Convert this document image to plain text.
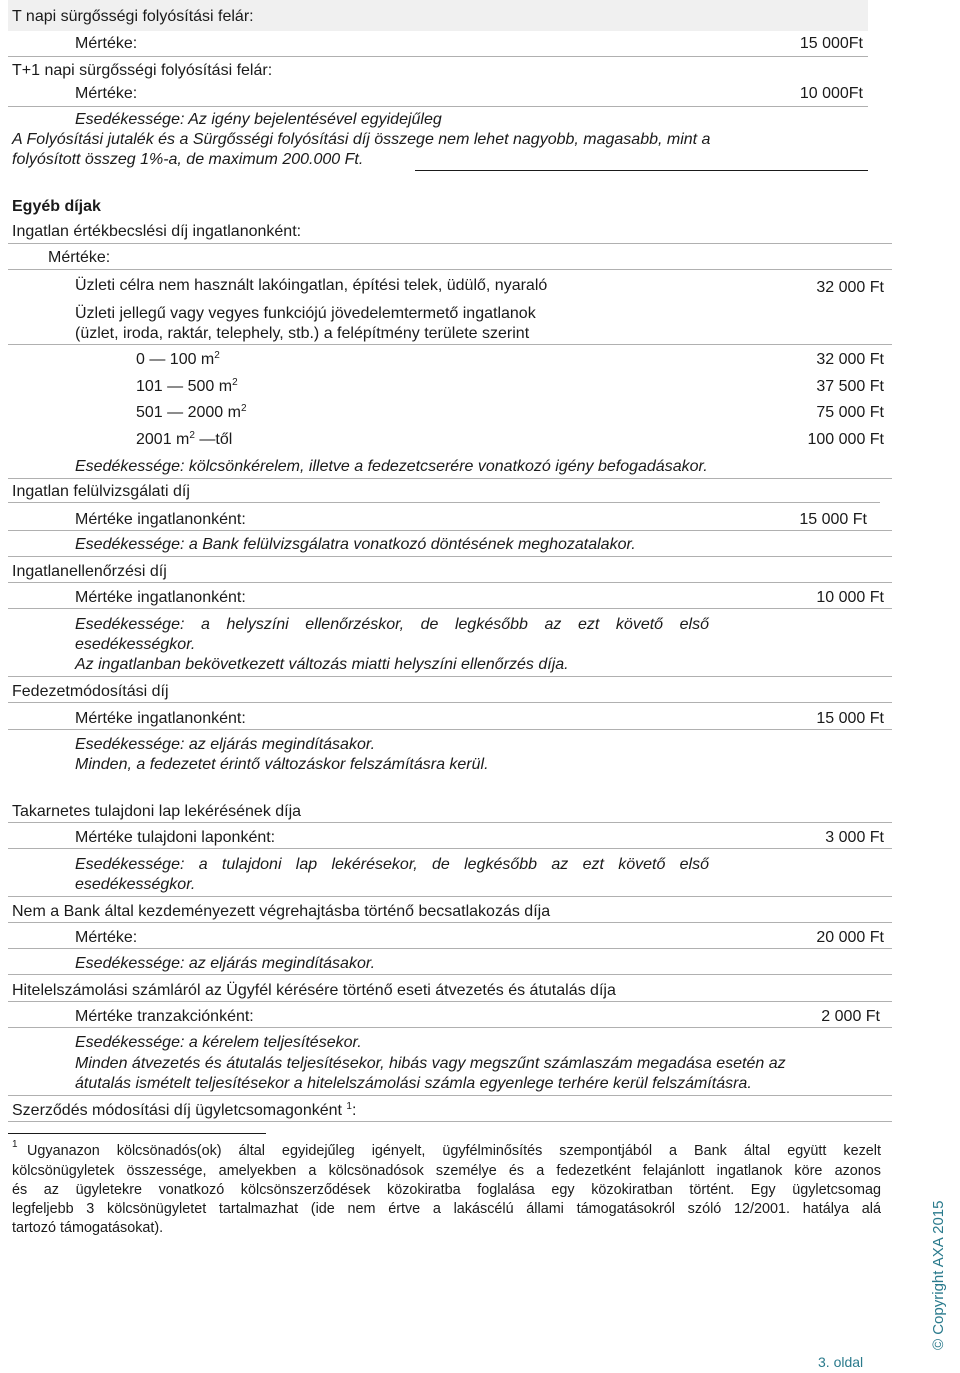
T napi sürgősségi folyósítási felár:
Mértéke:	15 000Ft
T+1 napi sürgősségi folyósítási felár:
Mértéke:	10 000Ft
Esedékessége: Az igény bejelentésével egyidejűleg
A Folyósítási jutalék és a Sürgősségi folyósítási díj összege nem lehet nagyobb, magasabb, mint a
folyósított összeg 1%-a, de maximum 200.000 Ft.
Egyéb díjak
Ingatlan értékbecslési díj ingatlanonként:
Mértéke:
Üzleti célra nem használt lakóingatlan, építési telek, üdülő, nyaraló	32 000 Ft
Üzleti jellegű vagy vegyes funkciójú jövedelemtermető ingatlanok
(üzlet, iroda, raktár, telephely, stb.) a felépítmény területe szerint
0 — 100 $m^2$	32 000 Ft
101 — 500 $m^2$	37 500 Ft
501 — 2000 $m^2$	75 000 Ft
2001 $m^2$ —től	100 000 Ft
Esedékessége: kölcsönkérelem, illetve a fedezetcserére vonatkozó igény befogadásakor.
Ingatlan felülvizsgálati díj
Mértéke ingatlanonként:	15 000 Ft
Esedékessége: a Bank felülvizsgálatra vonatkozó döntésének meghozatalakor.
Ingatlanellenőrzési díj
Mértéke ingatlanonként:	10 000 Ft
Esedékessége: a helyszíni ellenőrzéskor, de legkésőbb az ezt követő első
esedékességkor.
Az ingatlanban bekövetkezett változás miatti helyszíni ellenőrzés díja.
Fedezetmódosítási díj
Mértéke ingatlanonként:	15 000 Ft
Esedékessége: az eljárás megindításakor.
Minden, a fedezetet érintő változáskor felszámításra kerül.
Takarnetes tulajdoni lap lekérésének díja
Mértéke tulajdoni laponként:	3 000 Ft
Esedékessége: a tulajdoni lap lekérésekor, de legkésőbb az ezt követő első
esedékességkor.
Nem a Bank által kezdeményezett végrehajtásba történő becsatlakozás díja
Mértéke:	20 000 Ft
Esedékessége: az eljárás megindításakor.
Hitelelszámolási számláról az Ügyfél kérésére történő eseti átvezetés és átutalás díja
Mértéke tranzakciónként:	2 000 Ft
Esedékessége: a kérelem teljesítésekor.
Minden átvezetés és átutalás teljesítésekor, hibás vagy megszűnt számlaszám megadása esetén az
átutalás ismételt teljesítésekor a hitelelszámolási számla egyenlege terhére kerül felszámításra.
Szerződés módosítási díj ügyletcsomagonként $^1$:
1 Ugyanazon kölcsönadós(ok) által egyidejűleg igényelt, ügyfélminősítés szempontjából a Bank által együtt kezelt
kölcsönügyletek összessége, amelyekben a kölcsönadósok személye és a fedezetként felajánlott ingatlanok köre azonos
és az ügyletekre vonatkozó kölcsönszerződések közokiratba foglalása egy közokiratban történt. Egy ügyletcsomag
legfeljebb 3 kölcsönügyletet tartalmazhat (ide nem értve a lakáscélú állami támogatásokról szóló 12/2001. hatálya alá
tartozó támogatásokat).	© Copyright AXA 2015
3. oldal
